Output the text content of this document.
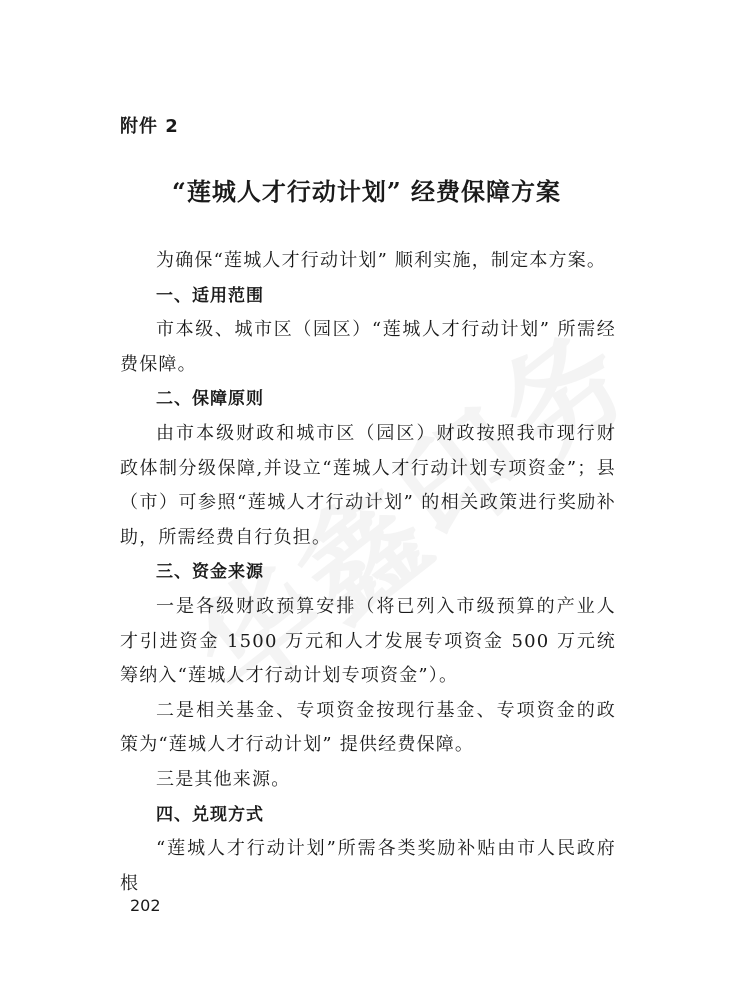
附件 2
“莲城人才行动计划” 经费保障方案

为确保“莲城人才行动计划” 顺利实施，制定本方案。

一、适用范围

市本级、城市区（园区）“莲城人才行动计划” 所需经费保障。

二、保障原则

由市本级财政和城市区（园区）财政按照我市现行财政体制分级保障,并设立“莲城人才行动计划专项资金”；县（市）可参照“莲城人才行动计划” 的相关政策进行奖励补助，所需经费自行负担。

三、资金来源

一是各级财政预算安排（将已列入市级预算的产业人才引进资金 1500 万元和人才发展专项资金 500 万元统筹纳入“莲城人才行动计划专项资金”）。

二是相关基金、专项资金按现行基金、专项资金的政策为“莲城人才行动计划” 提供经费保障。

三是其他来源。

四、兑现方式

“莲城人才行动计划”所需各类奖励补贴由市人民政府根

202
